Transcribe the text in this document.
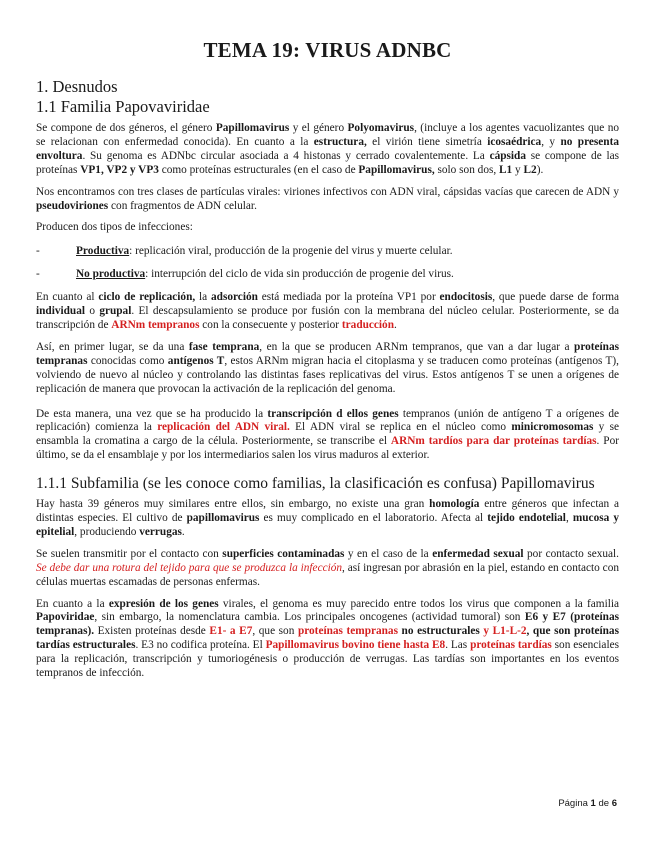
TEMA 19: VIRUS ADNBC
1. Desnudos
1.1 Familia Papovaviridae

Se compone de dos géneros, el género Papillomavirus y el género Polyomavirus, (incluye a los agentes vacuolizantes que no se relacionan con enfermedad conocida). En cuanto a la estructura, el virión tiene simetría icosaédrica, y no presenta envoltura. Su genoma es ADNbc circular asociada a 4 histonas y cerrado covalentemente. La cápsida se compone de las proteínas VP1, VP2 y VP3 como proteínas estructurales (en el caso de Papillomavirus, solo son dos, L1 y L2).

Nos encontramos con tres clases de partículas virales: viriones infectivos con ADN viral, cápsidas vacías que carecen de ADN y pseudoviriones con fragmentos de ADN celular.

Producen dos tipos de infecciones:

-	Productiva: replicación viral, producción de la progenie del virus y muerte celular.
-	No productiva: interrupción del ciclo de vida sin producción de progenie del virus.

En cuanto al ciclo de replicación, la adsorción está mediada por la proteína VP1 por endocitosis, que puede darse de forma individual o grupal. El descapsulamiento se produce por fusión con la membrana del núcleo celular. Posteriormente, se da transcripción de ARNm tempranos con la consecuente y posterior traducción.

Así, en primer lugar, se da una fase temprana, en la que se producen ARNm tempranos, que van a dar lugar a proteínas tempranas conocidas como antígenos T, estos ARNm migran hacia el citoplasma y se traducen como proteínas (antígenos T), volviendo de nuevo al núcleo y controlando las distintas fases replicativas del virus. Estos antígenos T se unen a orígenes de replicación de manera que provocan la activación de la replicación del genoma.

De esta manera, una vez que se ha producido la transcripción d ellos genes tempranos (unión de antígeno T a orígenes de replicación) comienza la replicación del ADN viral. El ADN viral se replica en el núcleo como minicromosomas y se ensambla la cromatina a cargo de la célula. Posteriormente, se transcribe el ARNm tardíos para dar proteínas tardías. Por último, se da el ensamblaje y por los intermediarios salen los virus maduros al exterior.

1.1.1 Subfamilia (se les conoce como familias, la clasificación es confusa) Papillomavirus

Hay hasta 39 géneros muy similares entre ellos, sin embargo, no existe una gran homología entre géneros que infectan a distintas especies. El cultivo de papillomavirus es muy complicado en el laboratorio. Afecta al tejido endotelial, mucosa y epitelial, produciendo verrugas.

Se suelen transmitir por el contacto con superficies contaminadas y en el caso de la enfermedad sexual por contacto sexual. Se debe dar una rotura del tejido para que se produzca la infección, así ingresan por abrasión en la piel, estando en contacto con células muertas escamadas de personas enfermas.

En cuanto a la expresión de los genes virales, el genoma es muy parecido entre todos los virus que componen a la familia Papoviridae, sin embargo, la nomenclatura cambia. Los principales oncogenes (actividad tumoral) son E6 y E7 (proteínas tempranas). Existen proteínas desde E1- a E7, que son proteínas tempranas no estructurales y L1-L-2, que son proteínas tardías estructurales. E3 no codifica proteína. El Papillomavirus bovino tiene hasta E8. Las proteínas tardías son esenciales para la replicación, transcripción y tumoriogénesis o producción de verrugas. Las tardías son importantes en los eventos tempranos de infección.

Página 1 de 6
